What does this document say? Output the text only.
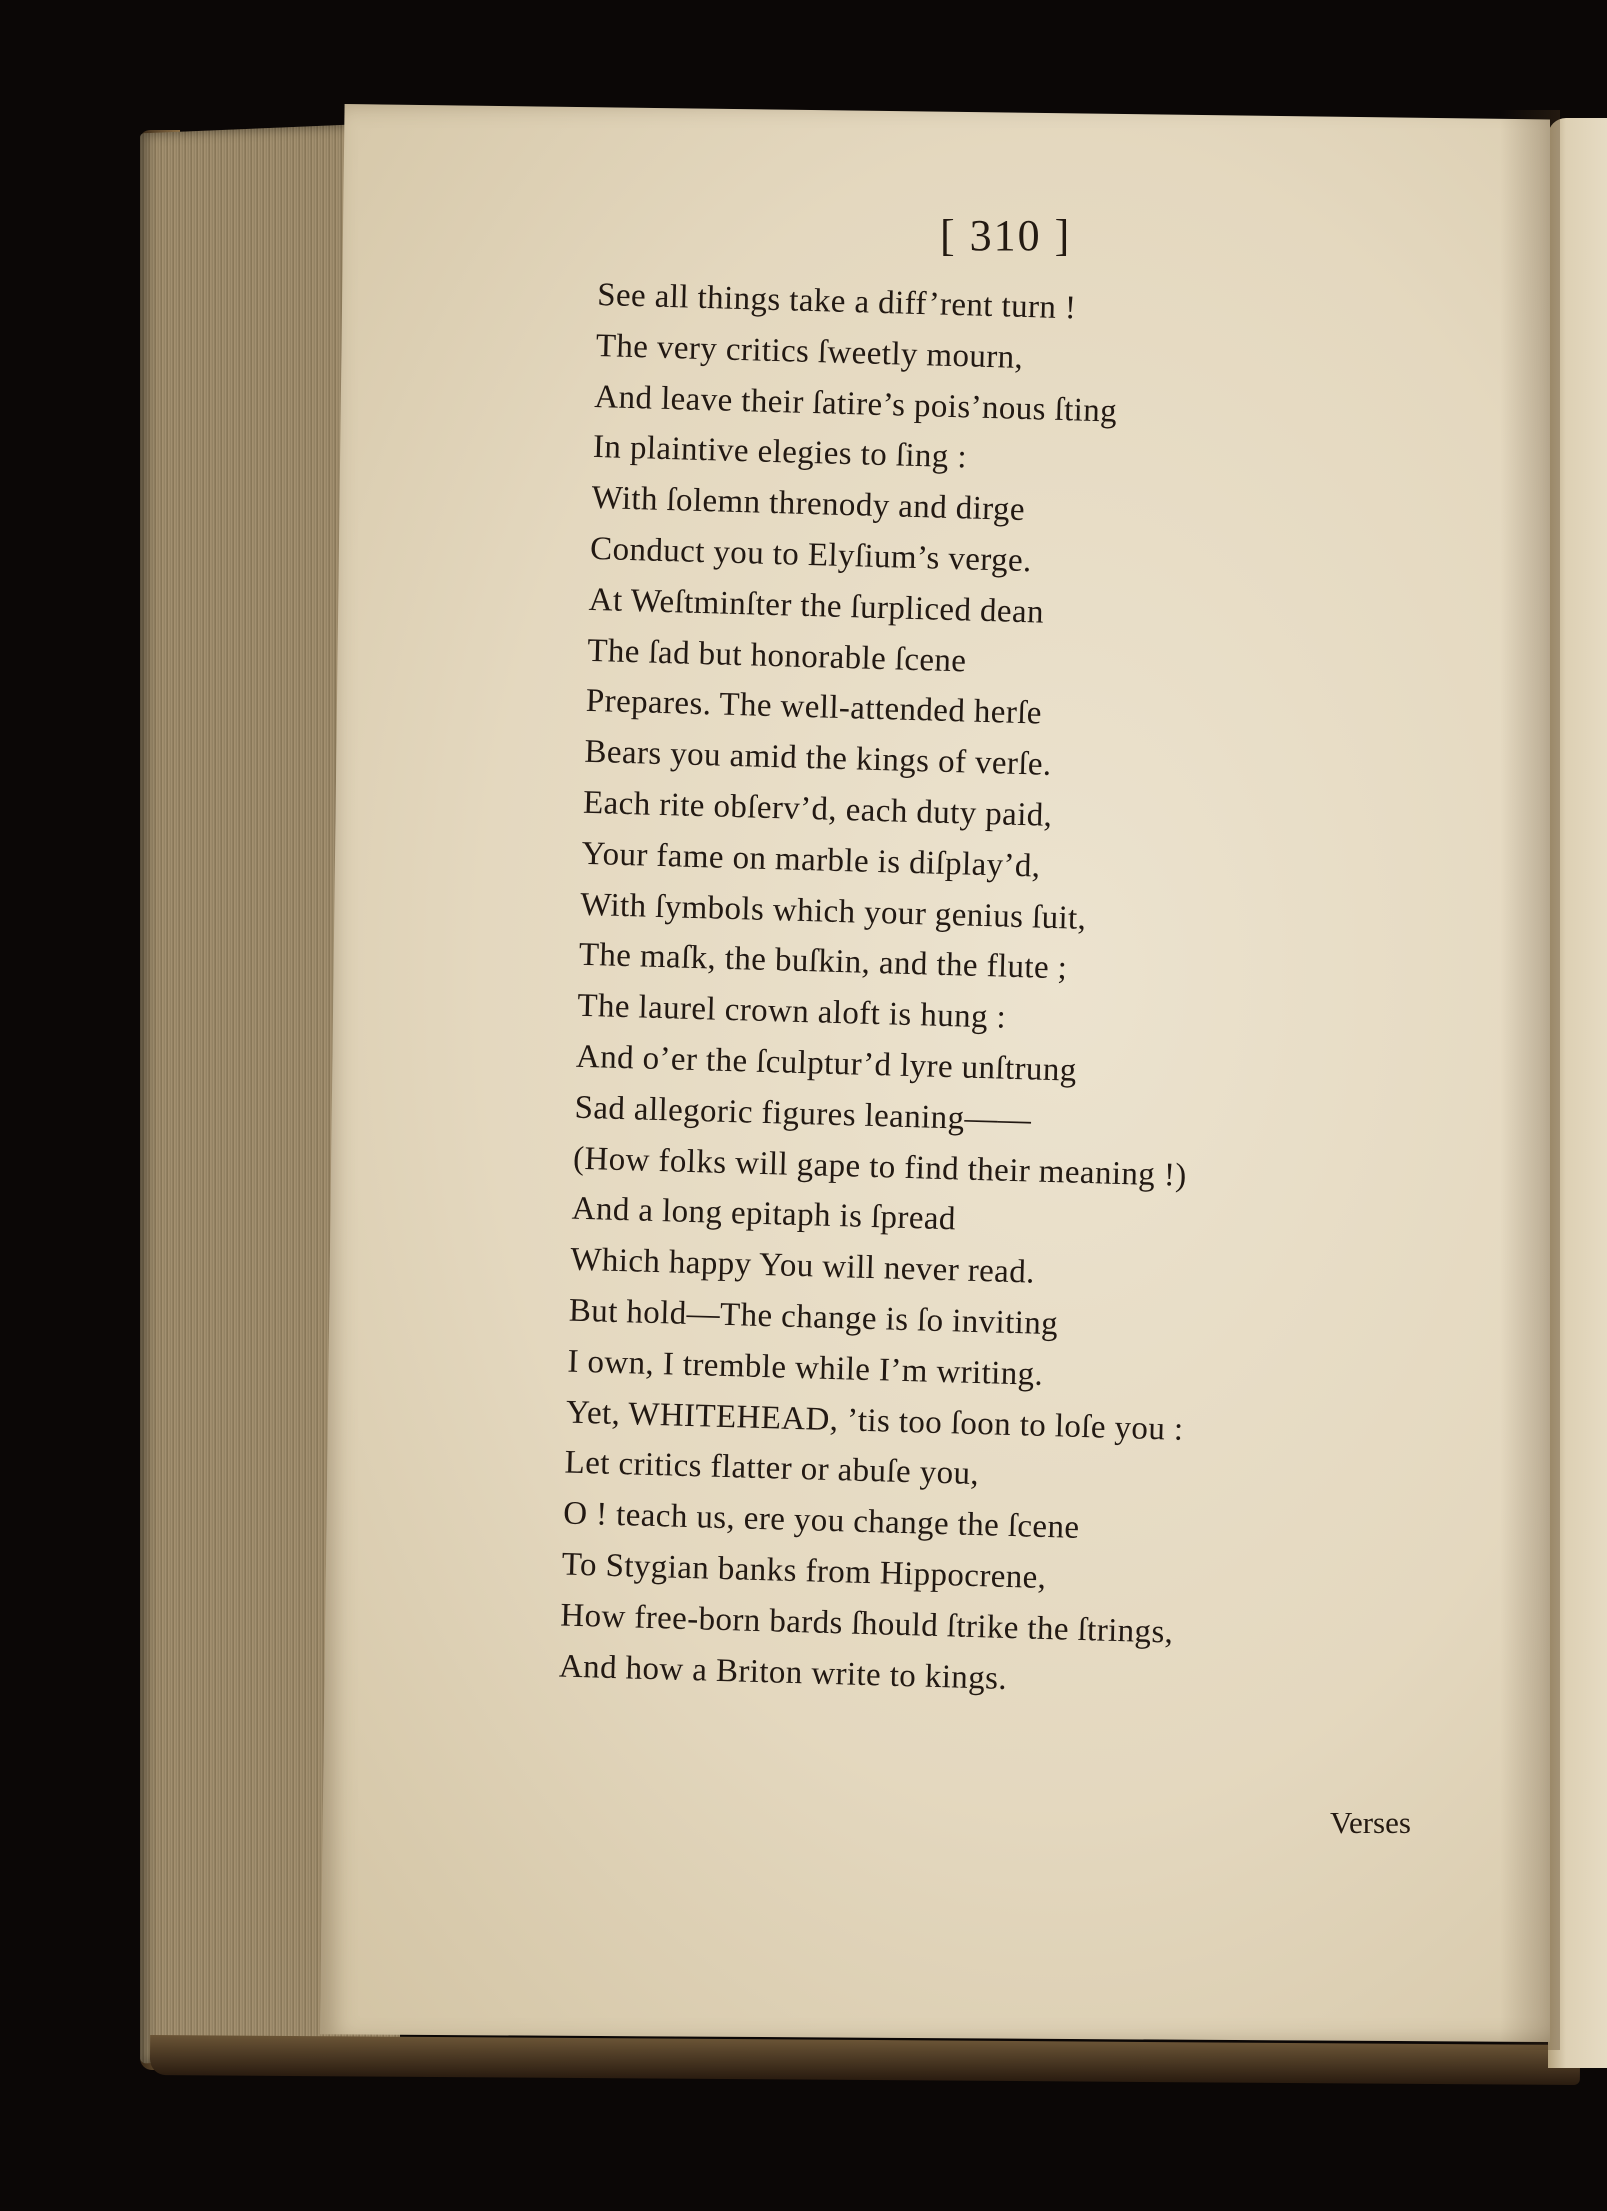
[ 310 ]
See all things take a diff’rent turn !
The very critics ſweetly mourn,
And leave their ſatire’s pois’nous ſting
In plaintive elegies to ſing :
With ſolemn threnody and dirge
Conduct you to Elyſium’s verge.
At Weſtminſter the ſurpliced dean
The ſad but honorable ſcene
Prepares. The well-attended herſe
Bears you amid the kings of verſe.
Each rite obſerv’d, each duty paid,
Your fame on marble is diſplay’d,
With ſymbols which your genius ſuit,
The maſk, the buſkin, and the flute ;
The laurel crown aloft is hung :
And o’er the ſculptur’d lyre unſtrung
Sad allegoric figures leaning——
(How folks will gape to find their meaning !)
And a long epitaph is ſpread
Which happy You will never read.
But hold—The change is ſo inviting
I own, I tremble while I’m writing.
Yet, WHITEHEAD, ’tis too ſoon to loſe you :
Let critics flatter or abuſe you,
O ! teach us, ere you change the ſcene
To Stygian banks from Hippocrene,
How free-born bards ſhould ſtrike the ſtrings,
And how a Briton write to kings.

Verses
